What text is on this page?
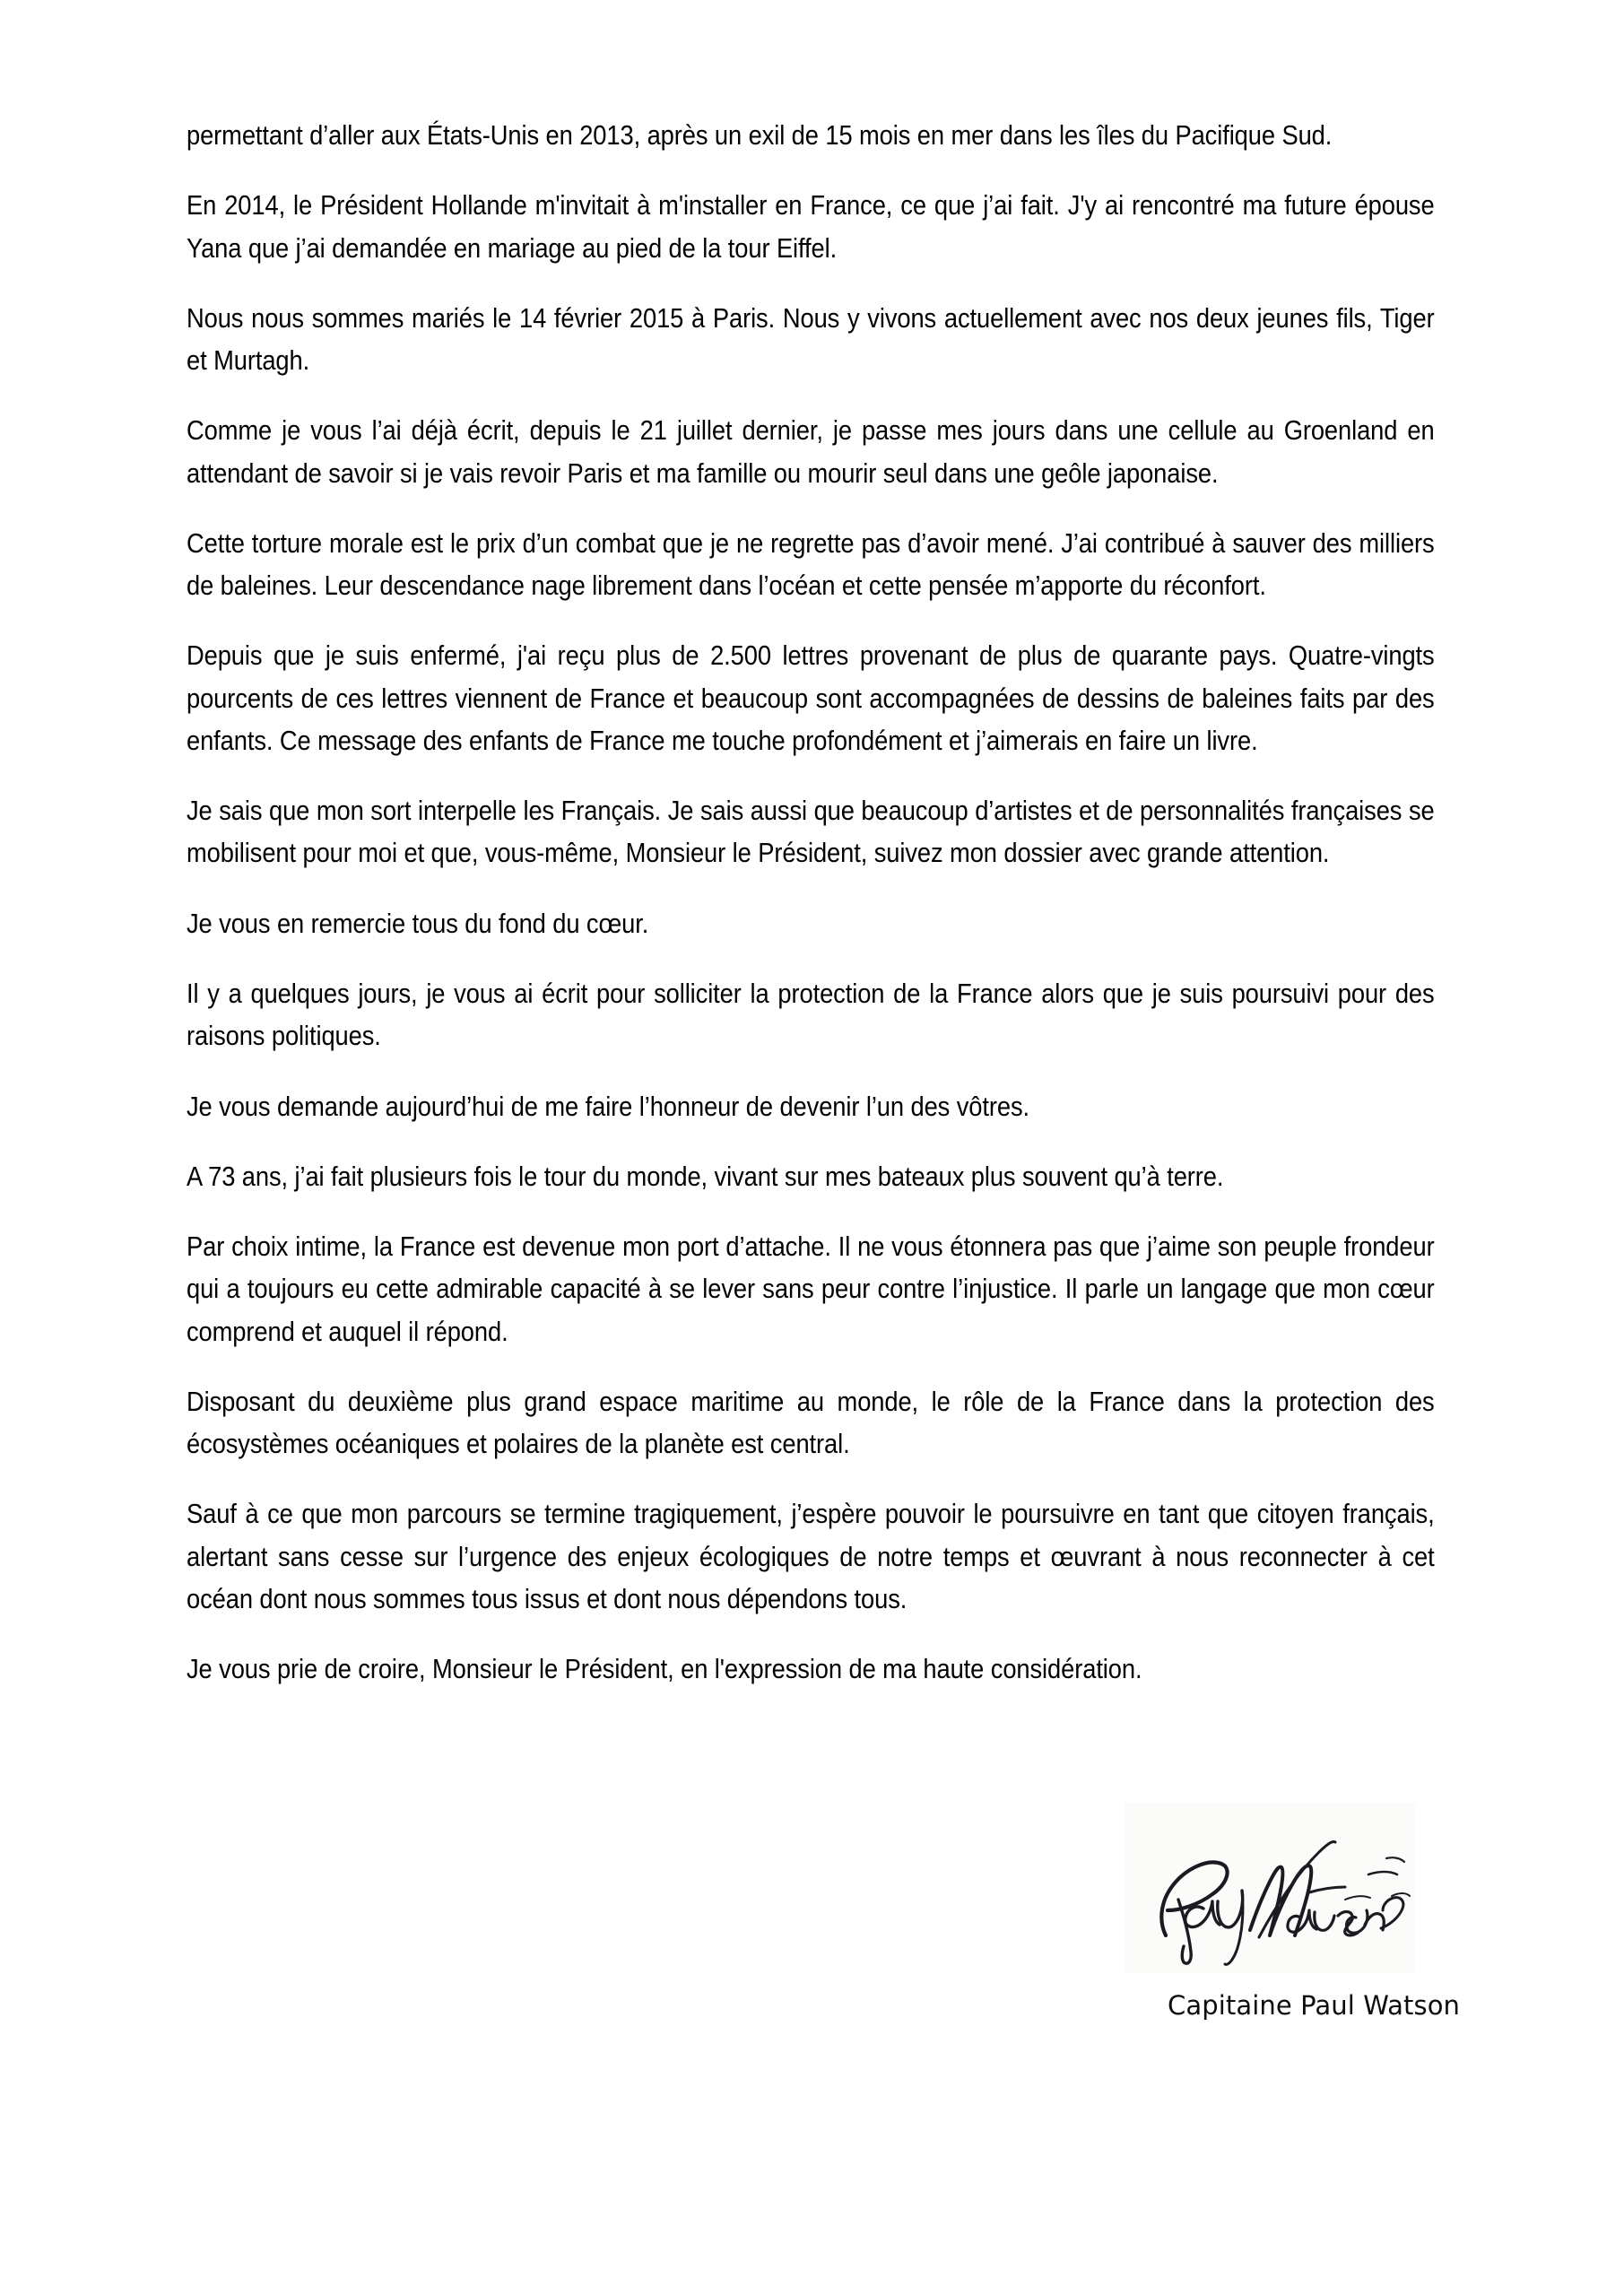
permettant d’aller aux États-Unis en 2013, après un exil de 15 mois en mer dans les îles du Pacifique Sud.

En 2014, le Président Hollande m'invitait à m'installer en France, ce que j’ai fait. J'y ai rencontré ma future épouse Yana que j’ai demandée en mariage au pied de la tour Eiffel.

Nous nous sommes mariés le 14 février 2015 à Paris. Nous y vivons actuellement avec nos deux jeunes fils, Tiger et Murtagh.

Comme je vous l’ai déjà écrit, depuis le 21 juillet dernier, je passe mes jours dans une cellule au Groenland en attendant de savoir si je vais revoir Paris et ma famille ou mourir seul dans une geôle japonaise.

Cette torture morale est le prix d’un combat que je ne regrette pas d’avoir mené. J’ai contribué à sauver des milliers de baleines. Leur descendance nage librement dans l’océan et cette pensée m’apporte du réconfort.

Depuis que je suis enfermé, j'ai reçu plus de 2.500 lettres provenant de plus de quarante pays. Quatre-vingts pourcents de ces lettres viennent de France et beaucoup sont accompagnées de dessins de baleines faits par des enfants. Ce message des enfants de France me touche profondément et j’aimerais en faire un livre.

Je sais que mon sort interpelle les Français. Je sais aussi que beaucoup d’artistes et de personnalités françaises se mobilisent pour moi et que, vous-même, Monsieur le Président, suivez mon dossier avec grande attention.

Je vous en remercie tous du fond du cœur.

Il y a quelques jours, je vous ai écrit pour solliciter la protection de la France alors que je suis poursuivi pour des raisons politiques.

Je vous demande aujourd’hui de me faire l’honneur de devenir l’un des vôtres.

A 73 ans, j’ai fait plusieurs fois le tour du monde, vivant sur mes bateaux plus souvent qu’à terre.

Par choix intime, la France est devenue mon port d’attache. Il ne vous étonnera pas que j’aime son peuple frondeur qui a toujours eu cette admirable capacité à se lever sans peur contre l’injustice. Il parle un langage que mon cœur comprend et auquel il répond.

Disposant du deuxième plus grand espace maritime au monde, le rôle de la France dans la protection des écosystèmes océaniques et polaires de la planète est central.

Sauf à ce que mon parcours se termine tragiquement, j’espère pouvoir le poursuivre en tant que citoyen français, alertant sans cesse sur l’urgence des enjeux écologiques de notre temps et œuvrant à nous reconnecter à cet océan dont nous sommes tous issus et dont nous dépendons tous.

Je vous prie de croire, Monsieur le Président, en l'expression de ma haute considération.

Capitaine Paul Watson
